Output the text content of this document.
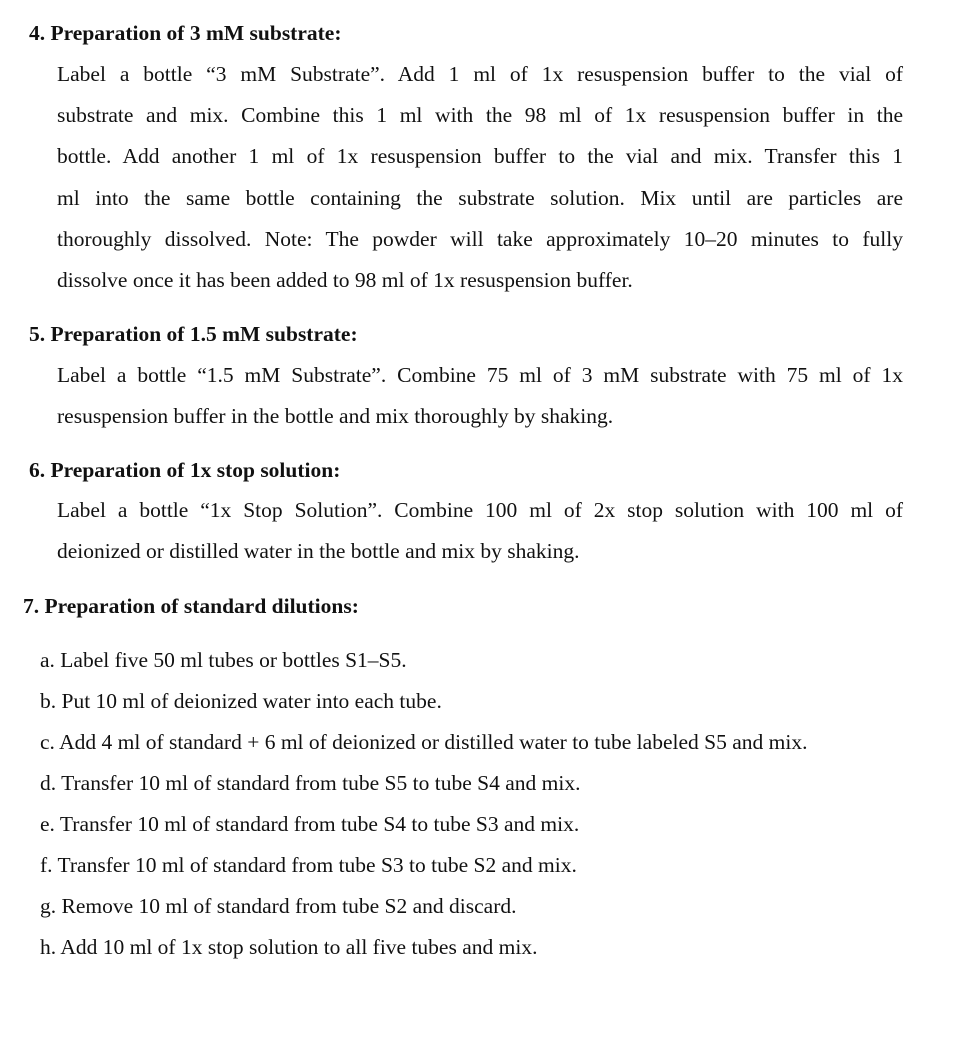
4. Preparation of 3 mM substrate:
Label a bottle “3 mM Substrate”. Add 1 ml of 1x resuspension buffer to the vial of
substrate and mix. Combine this 1 ml with the 98 ml of 1x resuspension buffer in the
bottle. Add another 1 ml of 1x resuspension buffer to the vial and mix. Transfer this 1
ml into the same bottle containing the substrate solution. Mix until are particles are
thoroughly dissolved. Note: The powder will take approximately 10–20 minutes to fully
dissolve once it has been added to 98 ml of 1x resuspension buffer.
5. Preparation of 1.5 mM substrate:
Label a bottle “1.5 mM Substrate”. Combine 75 ml of 3 mM substrate with 75 ml of 1x
resuspension buffer in the bottle and mix thoroughly by shaking.
6. Preparation of 1x stop solution:
Label a bottle “1x Stop Solution”. Combine 100 ml of 2x stop solution with 100 ml of
deionized or distilled water in the bottle and mix by shaking.
7. Preparation of standard dilutions:

a. Label five 50 ml tubes or bottles S1–S5.

b. Put 10 ml of deionized water into each tube.

c. Add 4 ml of standard + 6 ml of deionized or distilled water to tube labeled S5 and mix.

d. Transfer 10 ml of standard from tube S5 to tube S4 and mix.

e. Transfer 10 ml of standard from tube S4 to tube S3 and mix.

f. Transfer 10 ml of standard from tube S3 to tube S2 and mix.

g. Remove 10 ml of standard from tube S2 and discard.

h. Add 10 ml of 1x stop solution to all five tubes and mix.
